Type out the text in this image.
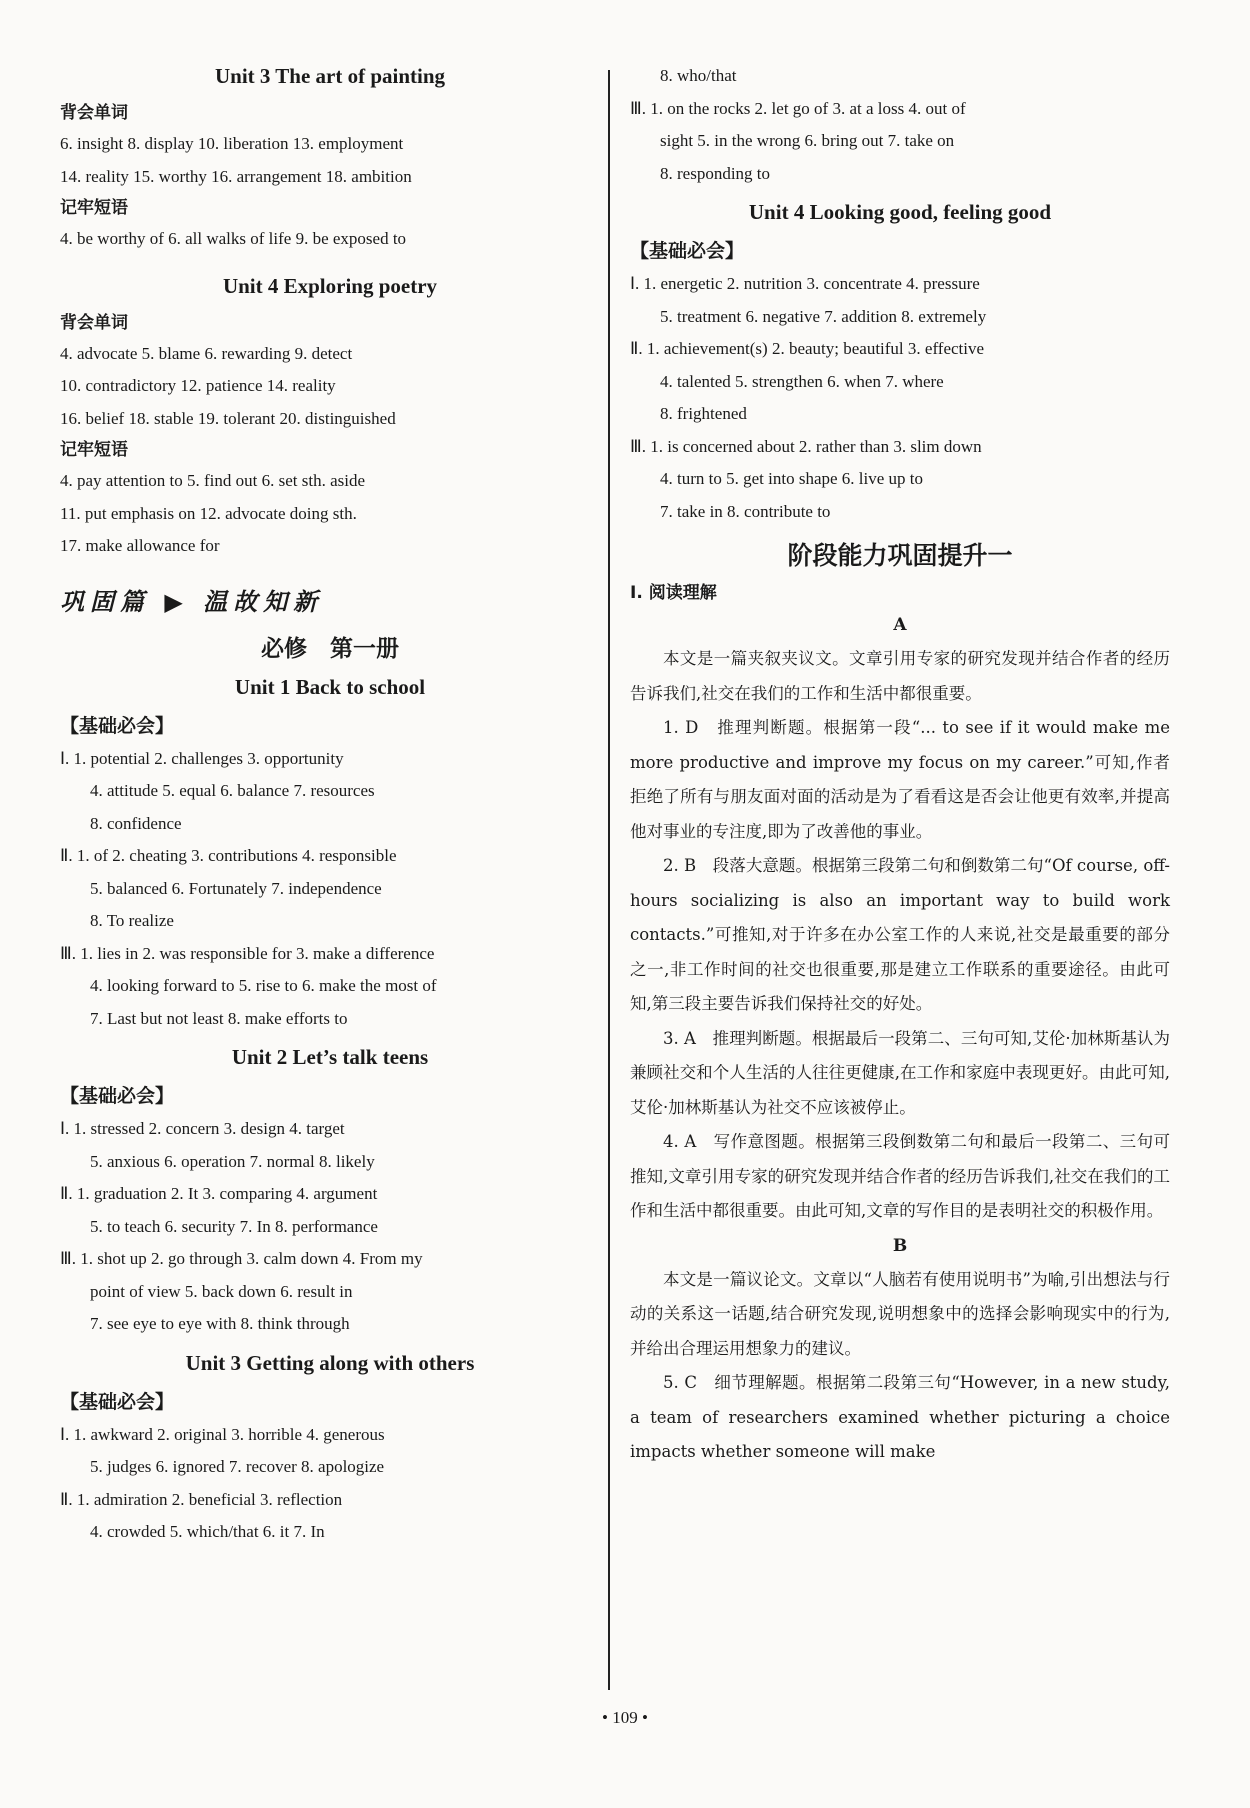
Unit 3 The art of painting

背会单词

6. insight 8. display 10. liberation 13. employment

14. reality 15. worthy 16. arrangement 18. ambition

记牢短语

4. be worthy of 6. all walks of life 9. be exposed to

Unit 4 Exploring poetry

背会单词

4. advocate 5. blame 6. rewarding 9. detect

10. contradictory 12. patience 14. reality

16. belief 18. stable 19. tolerant 20. distinguished

记牢短语

4. pay attention to 5. find out 6. set sth. aside

11. put emphasis on 12. advocate doing sth.

17. make allowance for

巩固篇 ▶ 温故知新

必修　第一册

Unit 1 Back to school

【基础必会】

Ⅰ. 1. potential 2. challenges 3. opportunity

4. attitude 5. equal 6. balance 7. resources

8. confidence

Ⅱ. 1. of 2. cheating 3. contributions 4. responsible

5. balanced 6. Fortunately 7. independence

8. To realize

Ⅲ. 1. lies in 2. was responsible for 3. make a difference

4. looking forward to 5. rise to 6. make the most of

7. Last but not least 8. make efforts to

Unit 2 Let’s talk teens

【基础必会】

Ⅰ. 1. stressed 2. concern 3. design 4. target

5. anxious 6. operation 7. normal 8. likely

Ⅱ. 1. graduation 2. It 3. comparing 4. argument

5. to teach 6. security 7. In 8. performance

Ⅲ. 1. shot up 2. go through 3. calm down 4. From my

point of view 5. back down 6. result in

7. see eye to eye with 8. think through

Unit 3 Getting along with others

【基础必会】

Ⅰ. 1. awkward 2. original 3. horrible 4. generous

5. judges 6. ignored 7. recover 8. apologize

Ⅱ. 1. admiration 2. beneficial 3. reflection

4. crowded 5. which/that 6. it 7. In

8. who/that

Ⅲ. 1. on the rocks 2. let go of 3. at a loss 4. out of

sight 5. in the wrong 6. bring out 7. take on

8. responding to

Unit 4 Looking good, feeling good

【基础必会】

Ⅰ. 1. energetic 2. nutrition 3. concentrate 4. pressure

5. treatment 6. negative 7. addition 8. extremely

Ⅱ. 1. achievement(s) 2. beauty; beautiful 3. effective

4. talented 5. strengthen 6. when 7. where

8. frightened

Ⅲ. 1. is concerned about 2. rather than 3. slim down

4. turn to 5. get into shape 6. live up to

7. take in 8. contribute to

阶段能力巩固提升一

Ⅰ. 阅读理解

A

本文是一篇夹叙夹议文。文章引用专家的研究发现并结合作者的经历告诉我们,社交在我们的工作和生活中都很重要。

1. D　推理判断题。根据第一段“... to see if it would make me more productive and improve my focus on my career.”可知,作者拒绝了所有与朋友面对面的活动是为了看看这是否会让他更有效率,并提高他对事业的专注度,即为了改善他的事业。

2. B　段落大意题。根据第三段第二句和倒数第二句“Of course, off-hours socializing is also an important way to build work contacts.”可推知,对于许多在办公室工作的人来说,社交是最重要的部分之一,非工作时间的社交也很重要,那是建立工作联系的重要途径。由此可知,第三段主要告诉我们保持社交的好处。

3. A　推理判断题。根据最后一段第二、三句可知,艾伦·加林斯基认为兼顾社交和个人生活的人往往更健康,在工作和家庭中表现更好。由此可知,艾伦·加林斯基认为社交不应该被停止。

4. A　写作意图题。根据第三段倒数第二句和最后一段第二、三句可推知,文章引用专家的研究发现并结合作者的经历告诉我们,社交在我们的工作和生活中都很重要。由此可知,文章的写作目的是表明社交的积极作用。

B

本文是一篇议论文。文章以“人脑若有使用说明书”为喻,引出想法与行动的关系这一话题,结合研究发现,说明想象中的选择会影响现实中的行为,并给出合理运用想象力的建议。

5. C　细节理解题。根据第二段第三句“However, in a new study, a team of researchers examined whether picturing a choice impacts whether someone will make

• 109 •
